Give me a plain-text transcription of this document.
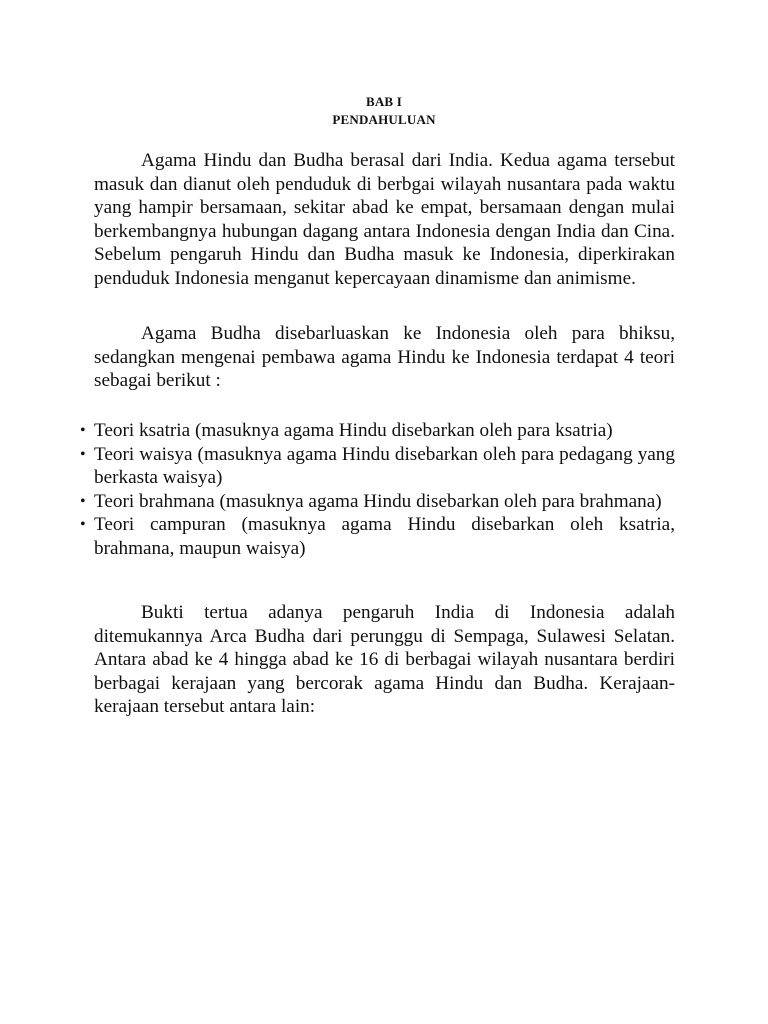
BAB I
PENDAHULUAN

Agama Hindu dan Budha berasal dari India. Kedua agama tersebut masuk dan dianut oleh penduduk di berbgai wilayah nusantara pada waktu yang hampir bersamaan, sekitar abad ke empat, bersamaan dengan mulai berkembangnya hubungan dagang antara Indonesia dengan India dan Cina. Sebelum pengaruh Hindu dan Budha masuk ke Indonesia, diperkirakan penduduk Indonesia menganut kepercayaan dinamisme dan animisme.

Agama Budha disebarluaskan ke Indonesia oleh para bhiksu, sedangkan mengenai pembawa agama Hindu ke Indonesia terdapat 4 teori sebagai berikut :

• Teori ksatria (masuknya agama Hindu disebarkan oleh para ksatria)
• Teori waisya (masuknya agama Hindu disebarkan oleh para pedagang yang berkasta waisya)
• Teori brahmana (masuknya agama Hindu disebarkan oleh para brahmana)
• Teori campuran (masuknya agama Hindu disebarkan oleh ksatria, brahmana, maupun waisya)

Bukti tertua adanya pengaruh India di Indonesia adalah ditemukannya Arca Budha dari perunggu di Sempaga, Sulawesi Selatan. Antara abad ke 4 hingga abad ke 16 di berbagai wilayah nusantara berdiri berbagai kerajaan yang bercorak agama Hindu dan Budha. Kerajaan-kerajaan tersebut antara lain:
